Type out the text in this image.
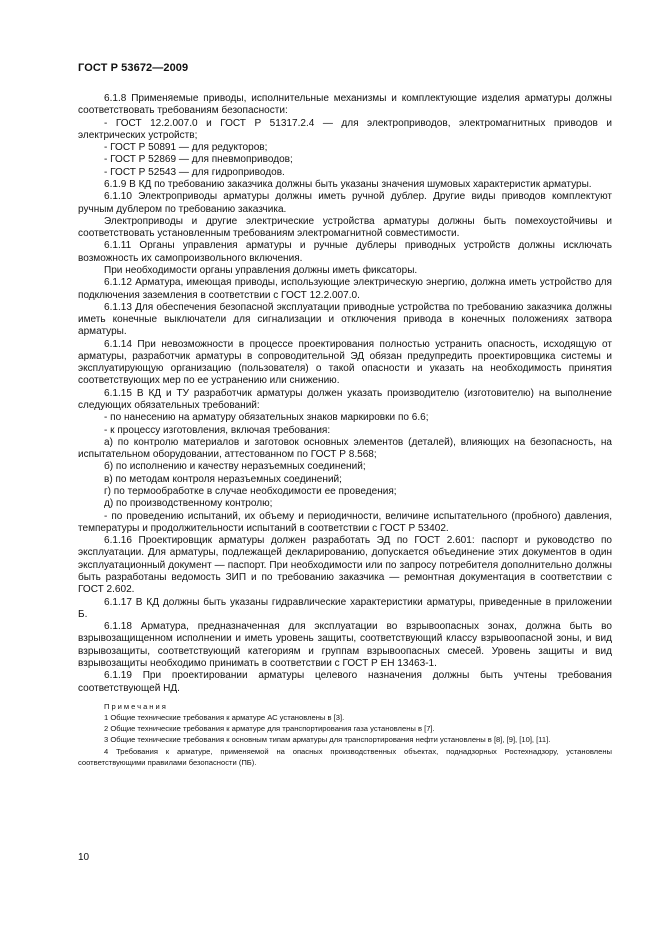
ГОСТ Р 53672—2009

6.1.8 Применяемые приводы, исполнительные механизмы и комплектующие изделия арматуры должны соответствовать требованиям безопасности:

- ГОСТ 12.2.007.0 и ГОСТ Р 51317.2.4 — для электроприводов, электромагнитных приводов и электрических устройств;

- ГОСТ Р 50891 — для редукторов;

- ГОСТ Р 52869 — для пневмоприводов;

- ГОСТ Р 52543 — для гидроприводов.

6.1.9 В КД по требованию заказчика должны быть указаны значения шумовых характеристик арматуры.

6.1.10 Электроприводы арматуры должны иметь ручной дублер. Другие виды приводов комплектуют ручным дублером по требованию заказчика.

Электроприводы и другие электрические устройства арматуры должны быть помехоустойчивы и соответствовать установленным требованиям электромагнитной совместимости.

6.1.11 Органы управления арматуры и ручные дублеры приводных устройств должны исключать возможность их самопроизвольного включения.

При необходимости органы управления должны иметь фиксаторы.

6.1.12 Арматура, имеющая приводы, использующие электрическую энергию, должна иметь устройство для подключения заземления в соответствии с ГОСТ 12.2.007.0.

6.1.13 Для обеспечения безопасной эксплуатации приводные устройства по требованию заказчика должны иметь конечные выключатели для сигнализации и отключения привода в конечных положениях затвора арматуры.

6.1.14 При невозможности в процессе проектирования полностью устранить опасность, исходящую от арматуры, разработчик арматуры в сопроводительной ЭД обязан предупредить проектировщика системы и эксплуатирующую организацию (пользователя) о такой опасности и указать на необходимость принятия соответствующих мер по ее устранению или снижению.

6.1.15 В КД и ТУ разработчик арматуры должен указать производителю (изготовителю) на выполнение следующих обязательных требований:

- по нанесению на арматуру обязательных знаков маркировки по 6.6;

- к процессу изготовления, включая требования:

а) по контролю материалов и заготовок основных элементов (деталей), влияющих на безопасность, на испытательном оборудовании, аттестованном по ГОСТ Р 8.568;

б) по исполнению и качеству неразъемных соединений;

в) по методам контроля неразъемных соединений;

г) по термообработке в случае необходимости ее проведения;

д) по производственному контролю;

- по проведению испытаний, их объему и периодичности, величине испытательного (пробного) давления, температуры и продолжительности испытаний в соответствии с ГОСТ Р 53402.

6.1.16 Проектировщик арматуры должен разработать ЭД по ГОСТ 2.601: паспорт и руководство по эксплуатации. Для арматуры, подлежащей декларированию, допускается объединение этих документов в один эксплуатационный документ — паспорт. При необходимости или по запросу потребителя дополнительно должны быть разработаны ведомость ЗИП и по требованию заказчика — ремонтная документация в соответствии с ГОСТ 2.602.

6.1.17 В КД должны быть указаны гидравлические характеристики арматуры, приведенные в приложении Б.

6.1.18 Арматура, предназначенная для эксплуатации во взрывоопасных зонах, должна быть во взрывозащищенном исполнении и иметь уровень защиты, соответствующий классу взрывоопасной зоны, и вид взрывозащиты, соответствующий категориям и группам взрывоопасных смесей. Уровень защиты и вид взрывозащиты необходимо принимать в соответствии с ГОСТ Р ЕН 13463-1.

6.1.19 При проектировании арматуры целевого назначения должны быть учтены требования соответствующей НД.

Примечания

1 Общие технические требования к арматуре АС установлены в [3].

2 Общие технические требования к арматуре для транспортирования газа установлены в [7].

3 Общие технические требования к основным типам арматуры для транспортирования нефти установлены в [8], [9], [10], [11].

4 Требования к арматуре, применяемой на опасных производственных объектах, поднадзорных Ростехнадзору, установлены соответствующими правилами безопасности (ПБ).

10
